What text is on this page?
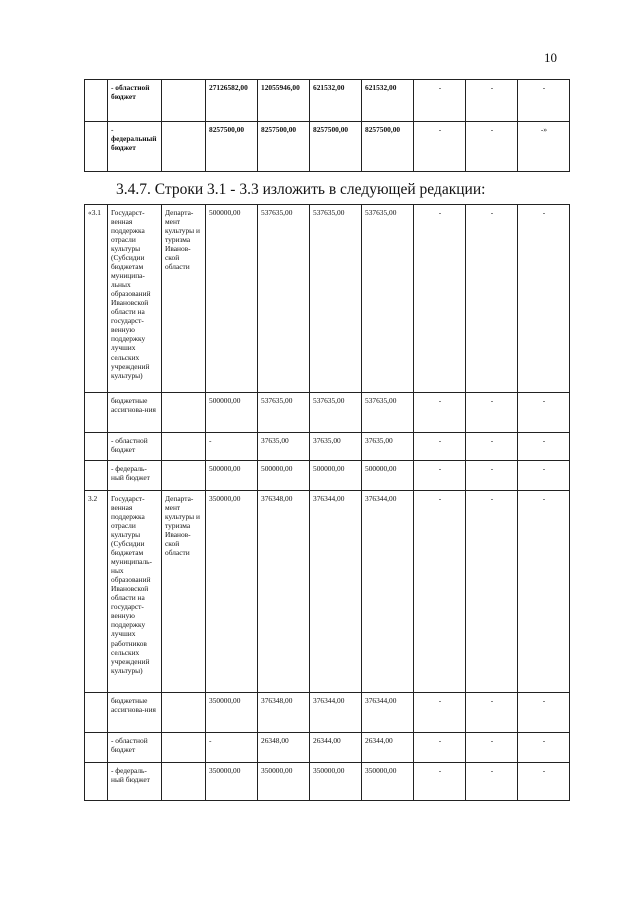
10
	- областной бюджет		27126582,00	12055946,00	621532,00	621532,00	-	-	-
	- федеральный бюджет		8257500,00	8257500,00	8257500,00	8257500,00	-	-	-»
3.4.7. Строки 3.1 - 3.3 изложить в следующей редакции:
«3.1	Государст-венная поддержка отрасли культуры (Субсидии бюджетам муниципа-льных образований Ивановской области на государст-венную поддержку лучших сельских учреждений культуры)	Департа-мент культуры и туризма Иванов-ской области	500000,00	537635,00	537635,00	537635,00	-	-	-
	бюджетные ассигнова-ния		500000,00	537635,00	537635,00	537635,00	-	-	-
	- областной бюджет		-	37635,00	37635,00	37635,00	-	-	-
	- федераль-ный бюджет		500000,00	500000,00	500000,00	500000,00	-	-	-
3.2	Государст-венная поддержка отрасли культуры (Субсидии бюджетам муниципаль-ных образований Ивановской области на государст-венную поддержку лучших работников сельских учреждений культуры)	Департа-мент культуры и туризма Иванов-ской области	350000,00	376348,00	376344,00	376344,00	-	-	-
	бюджетные ассигнова-ния		350000,00	376348,00	376344,00	376344,00	-	-	-
	- областной бюджет		-	26348,00	26344,00	26344,00	-	-	-
	- федераль-ный бюджет		350000,00	350000,00	350000,00	350000,00	-	-	-
